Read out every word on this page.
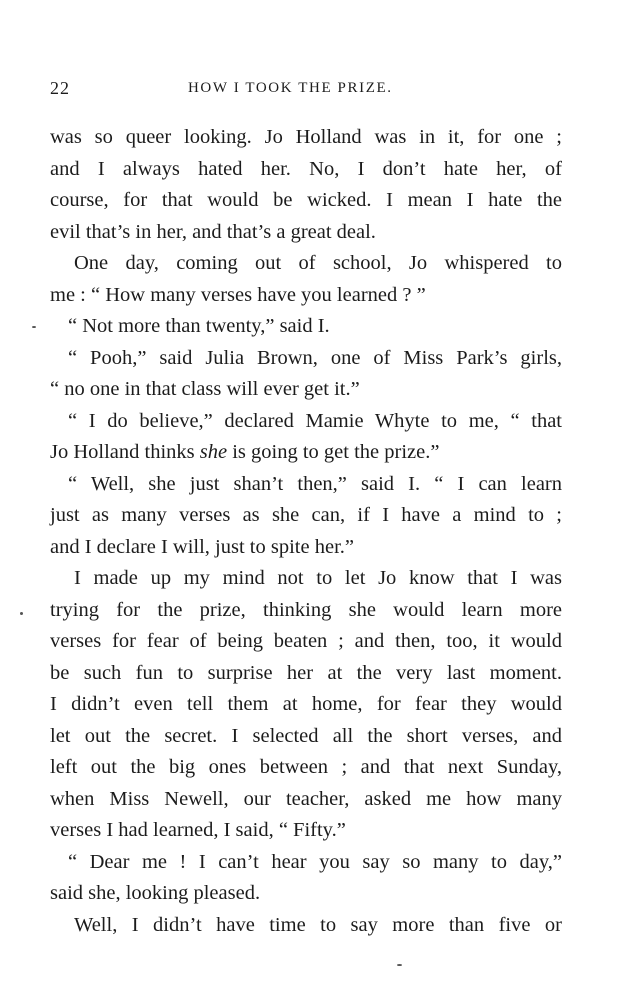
22	HOW I TOOK THE PRIZE.
was so queer looking. Jo Holland was in it, for one ;
and I always hated her. No, I don’t hate her, of
course, for that would be wicked. I mean I hate the
evil that’s in her, and that’s a great deal.
One day, coming out of school, Jo whispered to
me : “ How many verses have you learned ? ”
“ Not more than twenty,” said I.
“ Pooh,” said Julia Brown, one of Miss Park’s girls,
“ no one in that class will ever get it.”
“ I do believe,” declared Mamie Whyte to me, “ that
Jo Holland thinks she is going to get the prize.”
“ Well, she just shan’t then,” said I. “ I can learn
just as many verses as she can, if I have a mind to ;
and I declare I will, just to spite her.”
I made up my mind not to let Jo know that I was
trying for the prize, thinking she would learn more
verses for fear of being beaten ; and then, too, it would
be such fun to surprise her at the very last moment.
I didn’t even tell them at home, for fear they would
let out the secret. I selected all the short verses, and
left out the big ones between ; and that next Sunday,
when Miss Newell, our teacher, asked me how many
verses I had learned, I said, “ Fifty.”
“ Dear me ! I can’t hear you say so many to day,”
said she, looking pleased.
Well, I didn’t have time to say more than five or
